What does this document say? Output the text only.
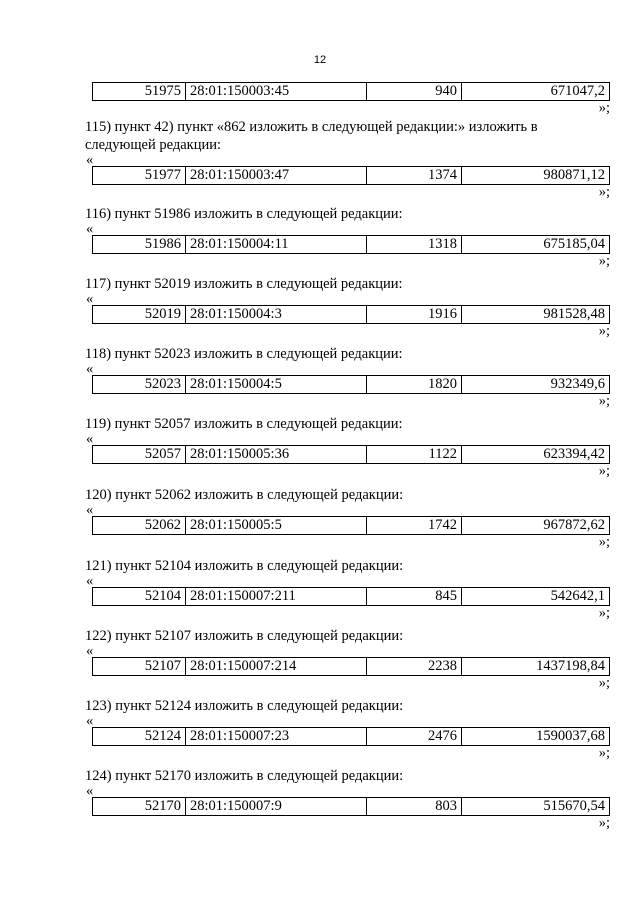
12
51975	28:01:150003:45	940	671047,2
»;

115) пункт 42) пункт «862 изложить в следующей редакции:» изложить в следующей редакции:

«
51977	28:01:150003:47	1374	980871,12
»;

116) пункт 51986 изложить в следующей редакции:

«
51986	28:01:150004:11	1318	675185,04
»;

117) пункт 52019 изложить в следующей редакции:

«
52019	28:01:150004:3	1916	981528,48
»;

118) пункт 52023 изложить в следующей редакции:

«
52023	28:01:150004:5	1820	932349,6
»;

119) пункт 52057 изложить в следующей редакции:

«
52057	28:01:150005:36	1122	623394,42
»;

120) пункт 52062 изложить в следующей редакции:

«
52062	28:01:150005:5	1742	967872,62
»;

121) пункт 52104 изложить в следующей редакции:

«
52104	28:01:150007:211	845	542642,1
»;

122) пункт 52107 изложить в следующей редакции:

«
52107	28:01:150007:214	2238	1437198,84
»;

123) пункт 52124 изложить в следующей редакции:

«
52124	28:01:150007:23	2476	1590037,68
»;

124) пункт 52170 изложить в следующей редакции:

«
52170	28:01:150007:9	803	515670,54
»;
